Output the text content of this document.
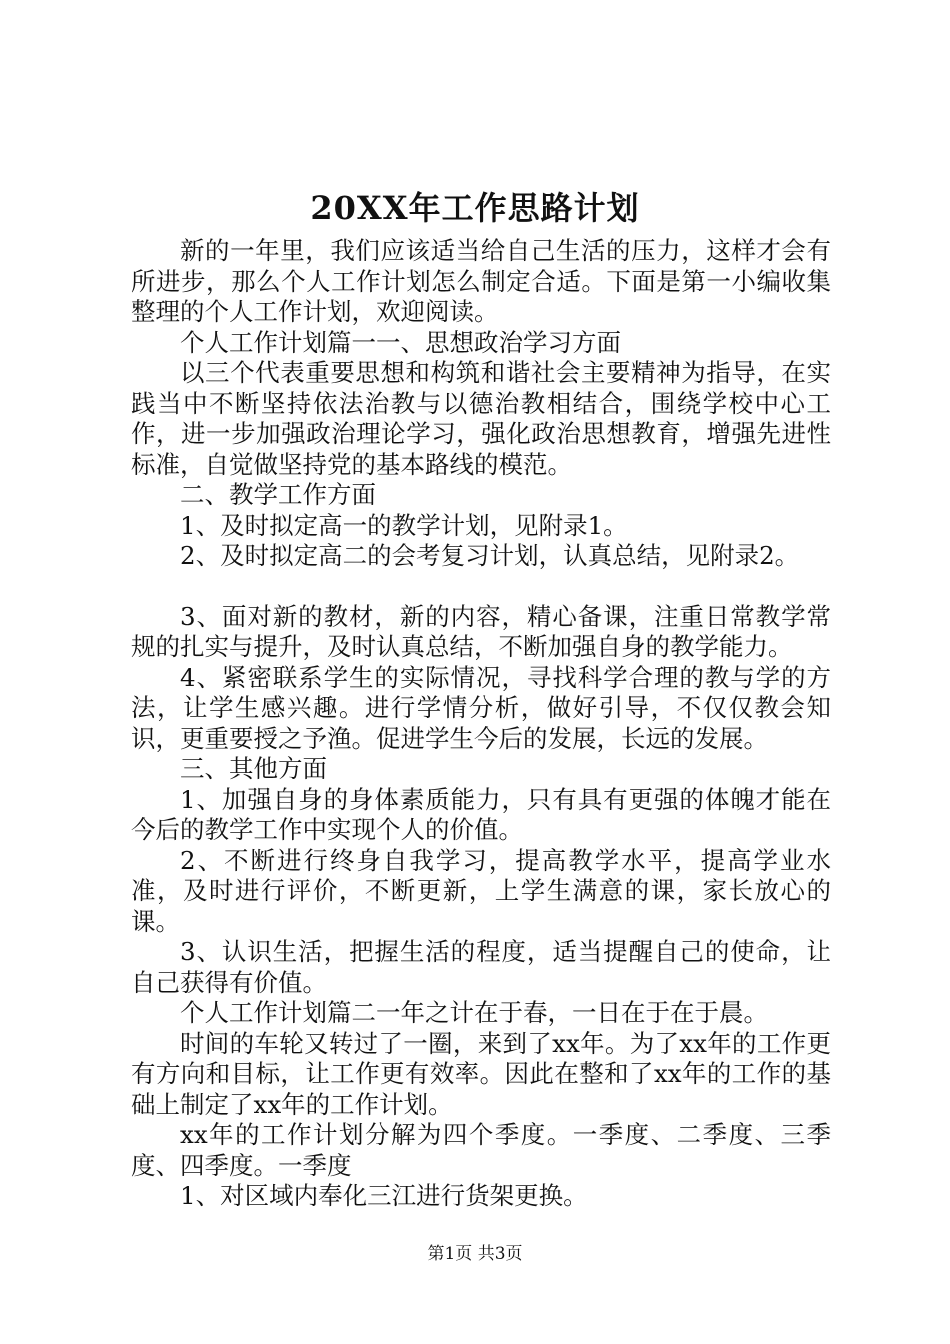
20XX年工作思路计划

新的一年里，我们应该适当给自己生活的压力，这样才会有所进步，那么个人工作计划怎么制定合适。下面是第一小编收集整理的个人工作计划，欢迎阅读。

个人工作计划篇一一、思想政治学习方面

以三个代表重要思想和构筑和谐社会主要精神为指导，在实践当中不断坚持依法治教与以德治教相结合，围绕学校中心工作，进一步加强政治理论学习，强化政治思想教育，增强先进性标准，自觉做坚持党的基本路线的模范。

二、教学工作方面

1、及时拟定高一的教学计划，见附录1。

2、及时拟定高二的会考复习计划，认真总结，见附录2。

3、面对新的教材，新的内容，精心备课，注重日常教学常规的扎实与提升，及时认真总结，不断加强自身的教学能力。

4、紧密联系学生的实际情况，寻找科学合理的教与学的方法，让学生感兴趣。进行学情分析，做好引导，不仅仅教会知识，更重要授之予渔。促进学生今后的发展，长远的发展。

三、其他方面

1、加强自身的身体素质能力，只有具有更强的体魄才能在今后的教学工作中实现个人的价值。

2、不断进行终身自我学习，提高教学水平，提高学业水准，及时进行评价，不断更新，上学生满意的课，家长放心的课。

3、认识生活，把握生活的程度，适当提醒自己的使命，让自己获得有价值。

个人工作计划篇二一年之计在于春，一日在于在于晨。

时间的车轮又转过了一圈，来到了xx年。为了xx年的工作更有方向和目标，让工作更有效率。因此在整和了xx年的工作的基础上制定了xx年的工作计划。

xx年的工作计划分解为四个季度。一季度、二季度、三季度、四季度。一季度

1、对区域内奉化三江进行货架更换。

第1页 共3页
